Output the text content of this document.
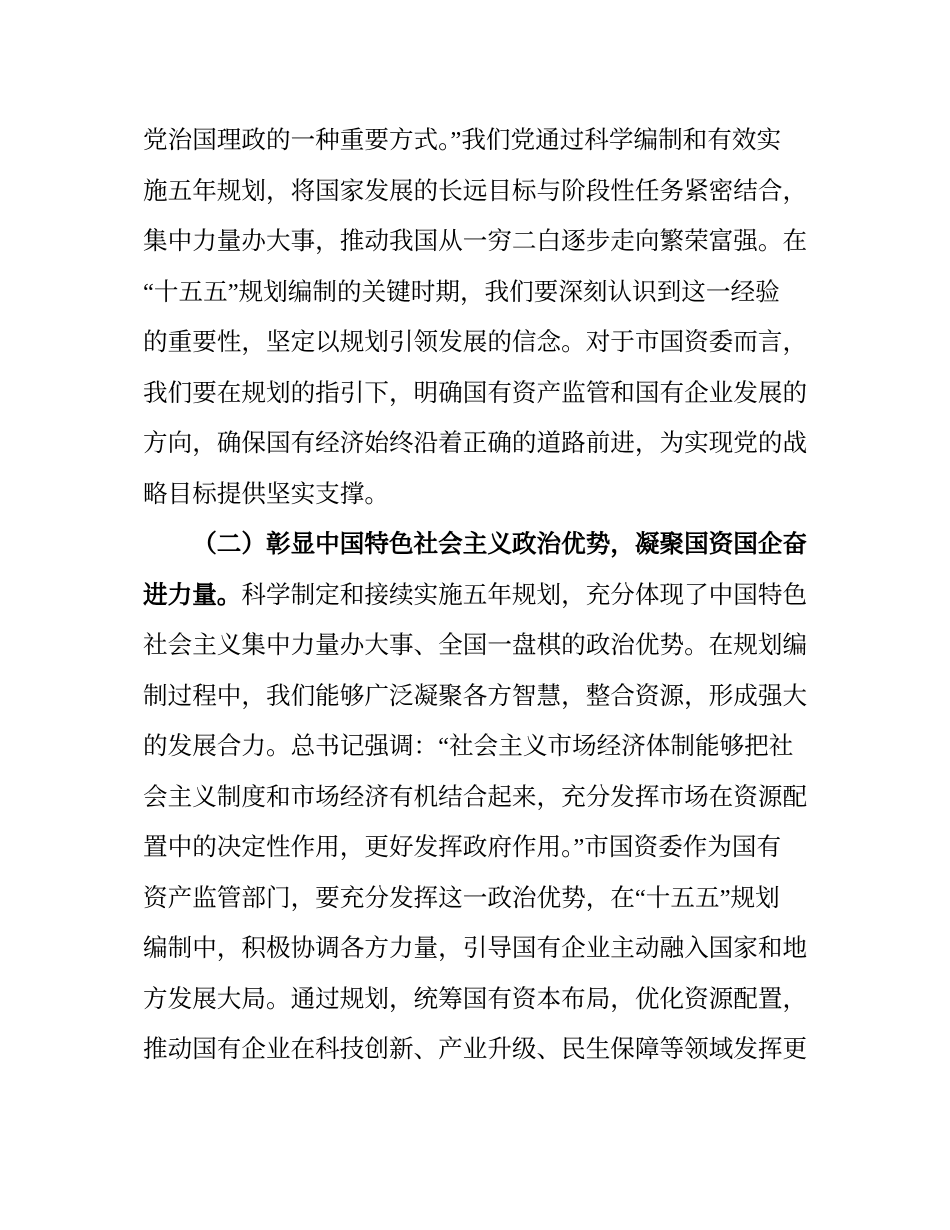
党治国理政的一种重要方式。”我们党通过科学编制和有效实
施五年规划，将国家发展的长远目标与阶段性任务紧密结合，
集中力量办大事，推动我国从一穷二白逐步走向繁荣富强。在
“十五五”规划编制的关键时期，我们要深刻认识到这一经验
的重要性，坚定以规划引领发展的信念。对于市国资委而言，
我们要在规划的指引下，明确国有资产监管和国有企业发展的
方向，确保国有经济始终沿着正确的道路前进，为实现党的战
略目标提供坚实支撑。
（二）彰显中国特色社会主义政治优势，凝聚国资国企奋
进力量。科学制定和接续实施五年规划，充分体现了中国特色
社会主义集中力量办大事、全国一盘棋的政治优势。在规划编
制过程中，我们能够广泛凝聚各方智慧，整合资源，形成强大
的发展合力。总书记强调：“社会主义市场经济体制能够把社
会主义制度和市场经济有机结合起来，充分发挥市场在资源配
置中的决定性作用，更好发挥政府作用。”市国资委作为国有
资产监管部门，要充分发挥这一政治优势，在“十五五”规划
编制中，积极协调各方力量，引导国有企业主动融入国家和地
方发展大局。通过规划，统筹国有资本布局，优化资源配置，
推动国有企业在科技创新、产业升级、民生保障等领域发挥更
